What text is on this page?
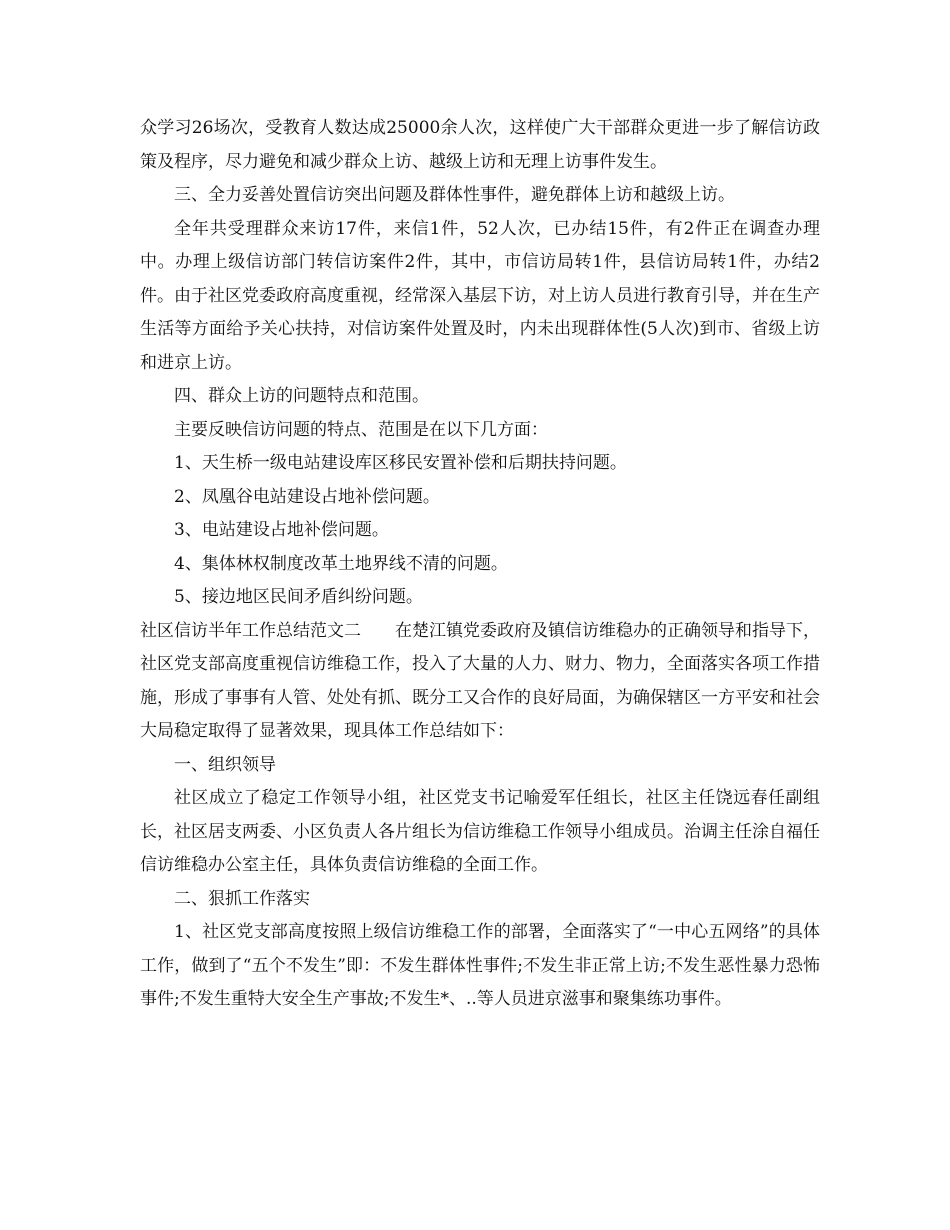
众学习26场次，受教育人数达成25000余人次，这样使广大干部群众更进一步了解信访政策及程序，尽力避免和减少群众上访、越级上访和无理上访事件发生。

三、全力妥善处置信访突出问题及群体性事件，避免群体上访和越级上访。

全年共受理群众来访17件，来信1件，52人次，已办结15件，有2件正在调查办理中。办理上级信访部门转信访案件2件，其中，市信访局转1件，县信访局转1件，办结2件。由于社区党委政府高度重视，经常深入基层下访，对上访人员进行教育引导，并在生产生活等方面给予关心扶持，对信访案件处置及时，内未出现群体性(5人次)到市、省级上访和进京上访。

四、群众上访的问题特点和范围。

主要反映信访问题的特点、范围是在以下几方面：

1、天生桥一级电站建设库区移民安置补偿和后期扶持问题。

2、凤凰谷电站建设占地补偿问题。

3、电站建设占地补偿问题。

4、集体林权制度改革土地界线不清的问题。

5、接边地区民间矛盾纠纷问题。

社区信访半年工作总结范文二　　在楚江镇党委政府及镇信访维稳办的正确领导和指导下，社区党支部高度重视信访维稳工作，投入了大量的人力、财力、物力，全面落实各项工作措施，形成了事事有人管、处处有抓、既分工又合作的良好局面，为确保辖区一方平安和社会大局稳定取得了显著效果，现具体工作总结如下：

一、组织领导

社区成立了稳定工作领导小组，社区党支书记喻爱军任组长，社区主任饶远春任副组长，社区居支两委、小区负责人各片组长为信访维稳工作领导小组成员。治调主任涂自福任信访维稳办公室主任，具体负责信访维稳的全面工作。

二、狠抓工作落实

1、社区党支部高度按照上级信访维稳工作的部署，全面落实了“一中心五网络”的具体工作，做到了“五个不发生”即：不发生群体性事件;不发生非正常上访;不发生恶性暴力恐怖事件;不发生重特大安全生产事故;不发生*、..等人员进京滋事和聚集练功事件。
